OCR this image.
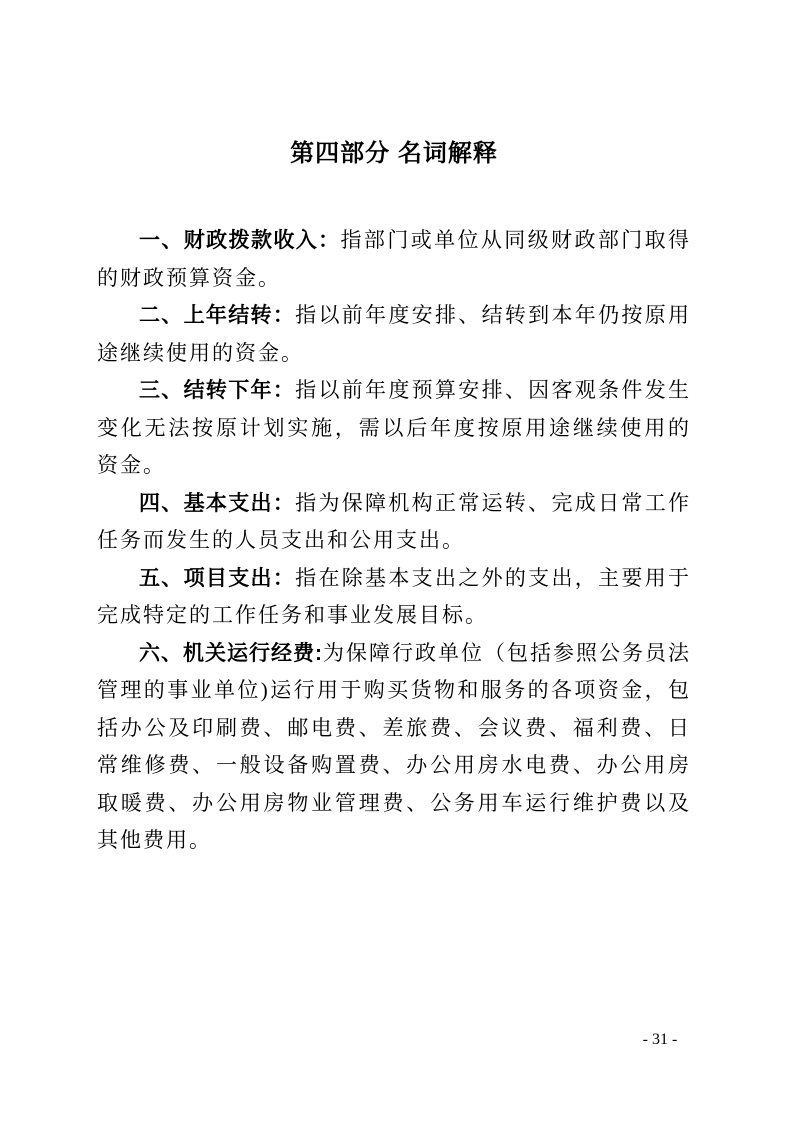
第四部分 名词解释

一、财政拨款收入：指部门或单位从同级财政部门取得的财政预算资金。

二、上年结转：指以前年度安排、结转到本年仍按原用途继续使用的资金。

三、结转下年：指以前年度预算安排、因客观条件发生变化无法按原计划实施，需以后年度按原用途继续使用的资金。

四、基本支出：指为保障机构正常运转、完成日常工作任务而发生的人员支出和公用支出。

五、项目支出：指在除基本支出之外的支出，主要用于完成特定的工作任务和事业发展目标。

六、机关运行经费:为保障行政单位（包括参照公务员法管理的事业单位)运行用于购买货物和服务的各项资金，包括办公及印刷费、邮电费、差旅费、会议费、福利费、日常维修费、一般设备购置费、办公用房水电费、办公用房取暖费、办公用房物业管理费、公务用车运行维护费以及其他费用。

- 31 -
